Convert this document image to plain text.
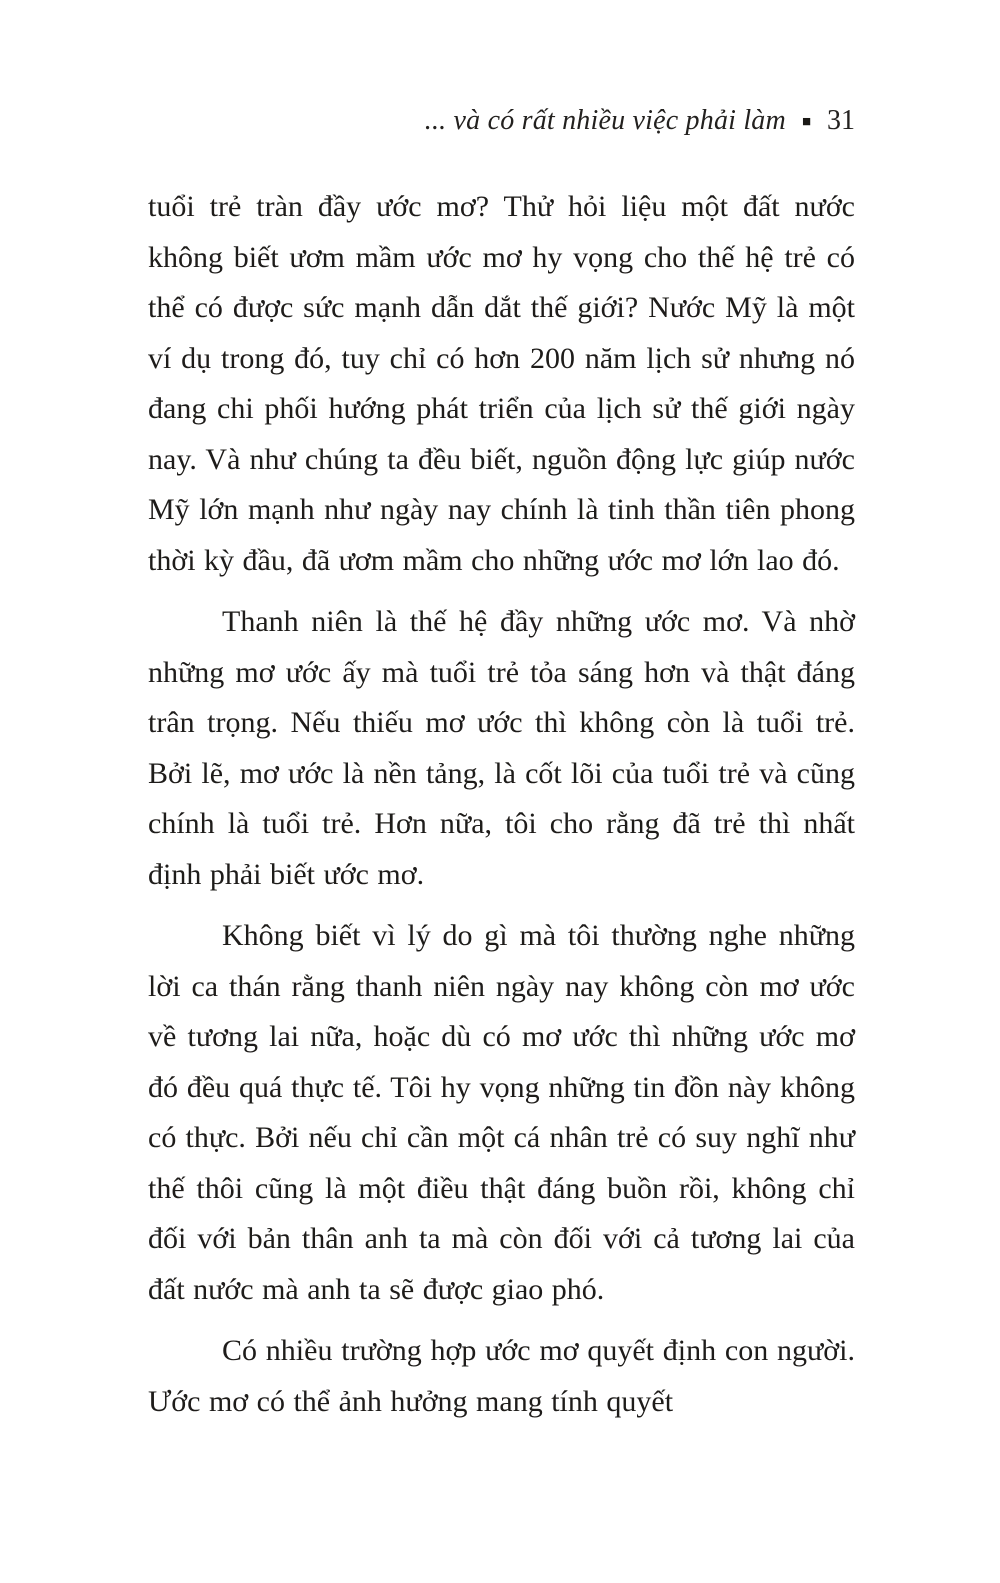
... và có rất nhiều việc phải làm ■ 31

tuổi trẻ tràn đầy ước mơ? Thử hỏi liệu một đất nước không biết ươm mầm ước mơ hy vọng cho thế hệ trẻ có thể có được sức mạnh dẫn dắt thế giới? Nước Mỹ là một ví dụ trong đó, tuy chỉ có hơn 200 năm lịch sử nhưng nó đang chi phối hướng phát triển của lịch sử thế giới ngày nay. Và như chúng ta đều biết, nguồn động lực giúp nước Mỹ lớn mạnh như ngày nay chính là tinh thần tiên phong thời kỳ đầu, đã ươm mầm cho những ước mơ lớn lao đó.

Thanh niên là thế hệ đầy những ước mơ. Và nhờ những mơ ước ấy mà tuổi trẻ tỏa sáng hơn và thật đáng trân trọng. Nếu thiếu mơ ước thì không còn là tuổi trẻ. Bởi lẽ, mơ ước là nền tảng, là cốt lõi của tuổi trẻ và cũng chính là tuổi trẻ. Hơn nữa, tôi cho rằng đã trẻ thì nhất định phải biết ước mơ.

Không biết vì lý do gì mà tôi thường nghe những lời ca thán rằng thanh niên ngày nay không còn mơ ước về tương lai nữa, hoặc dù có mơ ước thì những ước mơ đó đều quá thực tế. Tôi hy vọng những tin đồn này không có thực. Bởi nếu chỉ cần một cá nhân trẻ có suy nghĩ như thế thôi cũng là một điều thật đáng buồn rồi, không chỉ đối với bản thân anh ta mà còn đối với cả tương lai của đất nước mà anh ta sẽ được giao phó.

Có nhiều trường hợp ước mơ quyết định con người. Ước mơ có thể ảnh hưởng mang tính quyết
